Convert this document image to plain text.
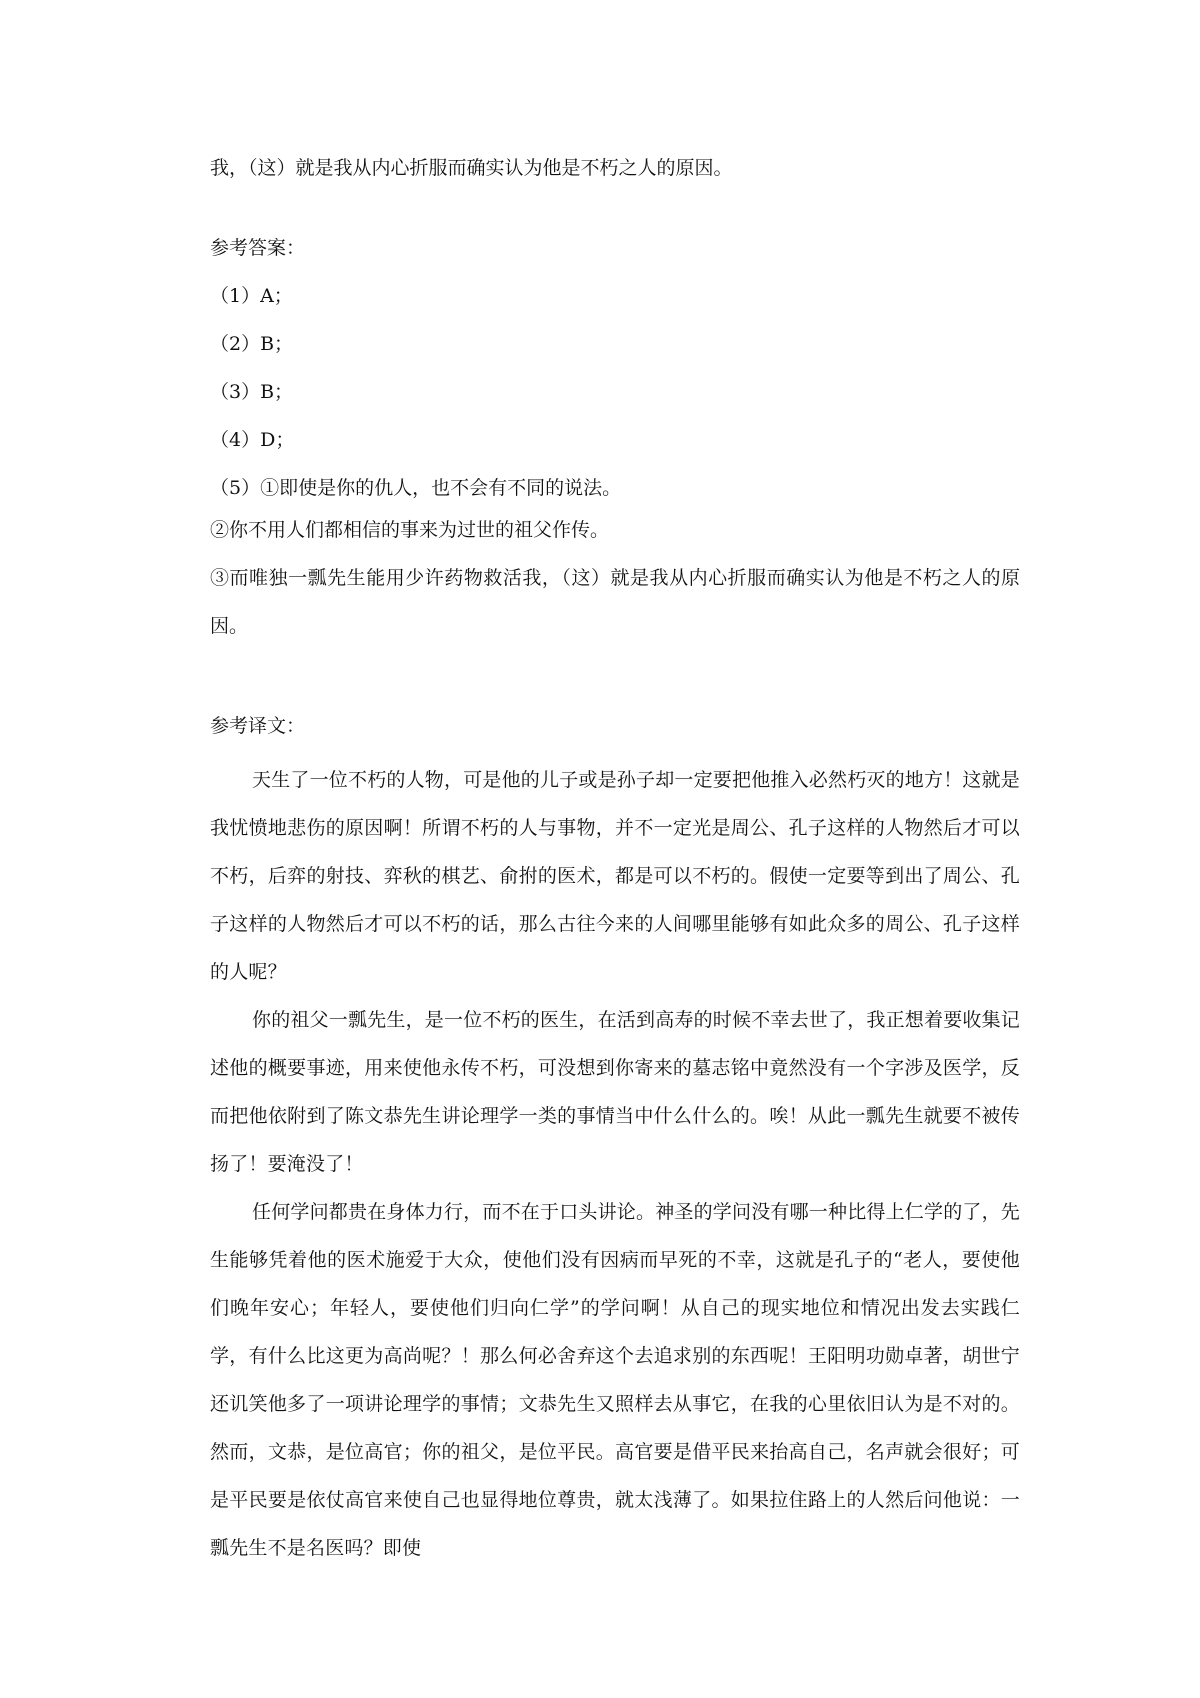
我，（这）就是我从内心折服而确实认为他是不朽之人的原因。

参考答案：

（1）A；

（2）B；

（3）B；

（4）D；

（5）①即使是你的仇人，也不会有不同的说法。

②你不用人们都相信的事来为过世的祖父作传。

③而唯独一瓢先生能用少许药物救活我，（这）就是我从内心折服而确实认为他是不朽之人的原因。

参考译文：

天生了一位不朽的人物，可是他的儿子或是孙子却一定要把他推入必然朽灭的地方！这就是我忧愤地悲伤的原因啊！所谓不朽的人与事物，并不一定光是周公、孔子这样的人物然后才可以不朽，后弈的射技、弈秋的棋艺、俞拊的医术，都是可以不朽的。假使一定要等到出了周公、孔子这样的人物然后才可以不朽的话，那么古往今来的人间哪里能够有如此众多的周公、孔子这样的人呢？

你的祖父一瓢先生，是一位不朽的医生，在活到高寿的时候不幸去世了，我正想着要收集记述他的概要事迹，用来使他永传不朽，可没想到你寄来的墓志铭中竟然没有一个字涉及医学，反而把他依附到了陈文恭先生讲论理学一类的事情当中什么什么的。唉！从此一瓢先生就要不被传扬了！要淹没了！

任何学问都贵在身体力行，而不在于口头讲论。神圣的学问没有哪一种比得上仁学的了，先生能够凭着他的医术施爱于大众，使他们没有因病而早死的不幸，这就是孔子的“老人，要使他们晚年安心；年轻人，要使他们归向仁学”的学问啊！从自己的现实地位和情况出发去实践仁学，有什么比这更为高尚呢？！那么何必舍弃这个去追求别的东西呢！王阳明功勋卓著，胡世宁还讥笑他多了一项讲论理学的事情；文恭先生又照样去从事它，在我的心里依旧认为是不对的。然而，文恭，是位高官；你的祖父，是位平民。高官要是借平民来抬高自己，名声就会很好；可是平民要是依仗高官来使自己也显得地位尊贵，就太浅薄了。如果拉住路上的人然后问他说：一瓢先生不是名医吗？即使
